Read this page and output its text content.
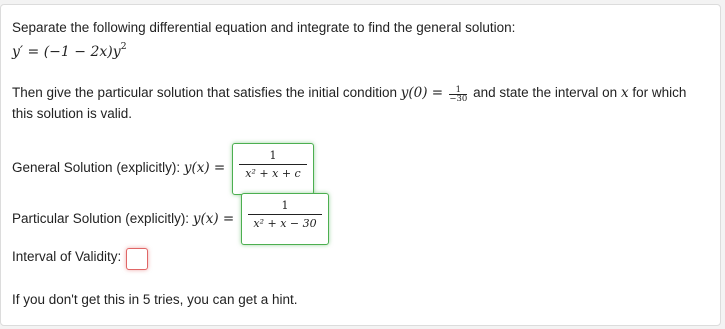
Separate the following differential equation and integrate to find the general solution:
$y' = (-1 - 2x)y^2$
Then give the particular solution that satisfies the initial condition $y(0) = \frac{1}{-30}$ and state the interval on x for which
this solution is valid.
General Solution (explicitly): y(x) =
1
x² + x + c
Particular Solution (explicitly): y(x) =
1
x² + x − 30
Interval of Validity:
If you don't get this in 5 tries, you can get a hint.
